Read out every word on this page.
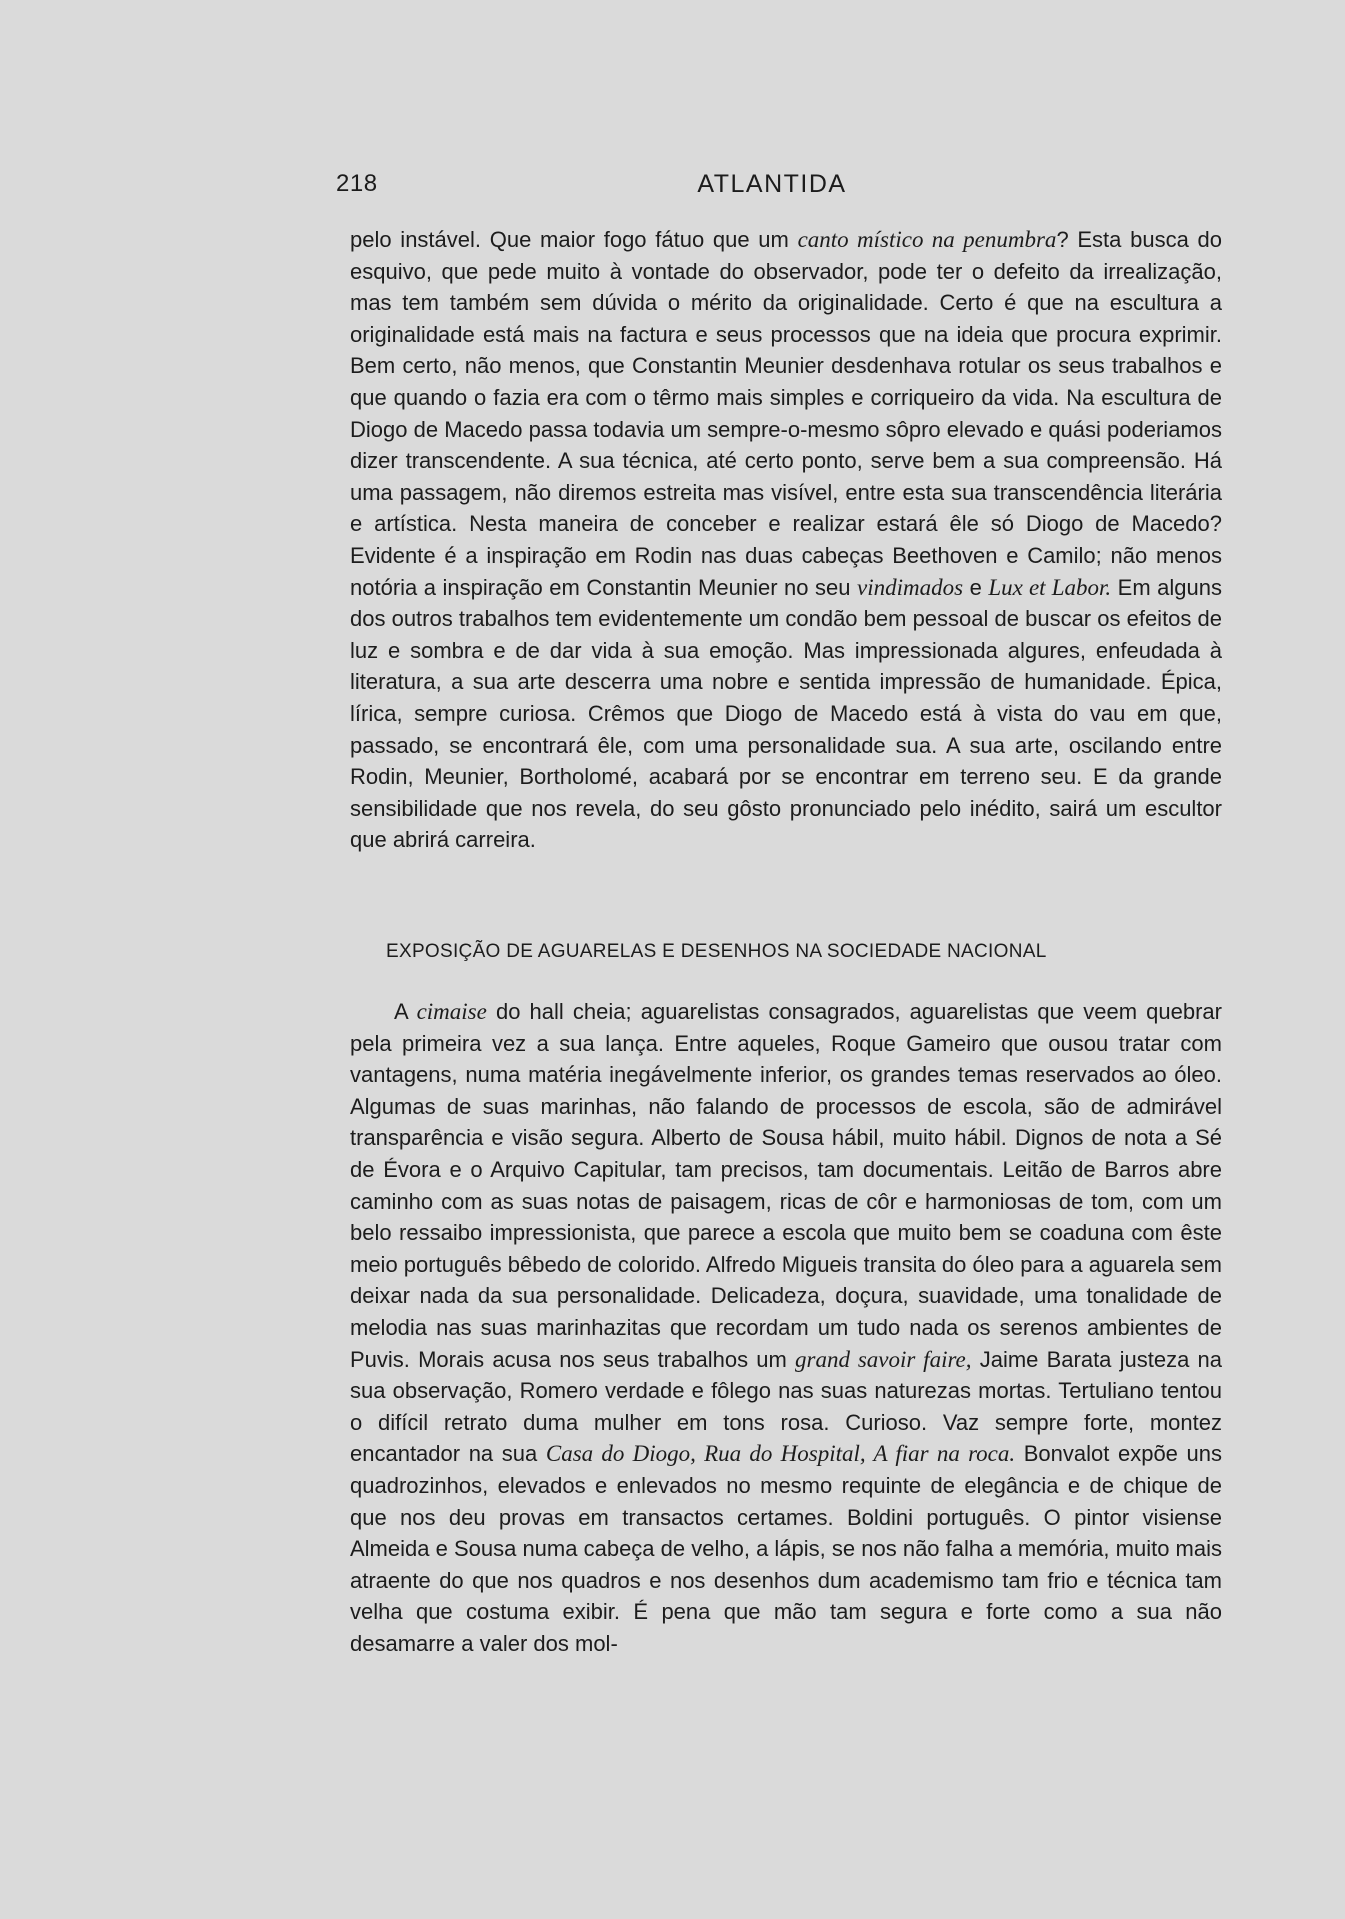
218	ATLANTIDA

pelo instável. Que maior fogo fátuo que um canto místico na penumbra? Esta busca do esquivo, que pede muito à vontade do observador, pode ter o defeito da irrealização, mas tem também sem dúvida o mérito da originalidade. Certo é que na escultura a originalidade está mais na factura e seus processos que na ideia que procura exprimir. Bem certo, não menos, que Constantin Meunier desdenhava rotular os seus trabalhos e que quando o fazia era com o têrmo mais simples e corriqueiro da vida. Na escultura de Diogo de Macedo passa todavia um sempre-o-mesmo sôpro elevado e quási poderiamos dizer transcendente. A sua técnica, até certo ponto, serve bem a sua compreensão. Há uma passagem, não diremos estreita mas visível, entre esta sua transcendência literária e artística. Nesta maneira de conceber e realizar estará êle só Diogo de Macedo? Evidente é a inspiração em Rodin nas duas cabeças Beethoven e Camilo; não menos notória a inspiração em Constantin Meunier no seu vindimados e Lux et Labor. Em alguns dos outros trabalhos tem evidentemente um condão bem pessoal de buscar os efeitos de luz e sombra e de dar vida à sua emoção. Mas impressionada algures, enfeudada à literatura, a sua arte descerra uma nobre e sentida impressão de humanidade. Épica, lírica, sempre curiosa. Crêmos que Diogo de Macedo está à vista do vau em que, passado, se encontrará êle, com uma personalidade sua. A sua arte, oscilando entre Rodin, Meunier, Bortholomé, acabará por se encontrar em terreno seu. E da grande sensibilidade que nos revela, do seu gôsto pronunciado pelo inédito, sairá um escultor que abrirá carreira.

EXPOSIÇÃO DE AGUARELAS E DESENHOS NA SOCIEDADE NACIONAL

A cimaise do hall cheia; aguarelistas consagrados, aguarelistas que veem quebrar pela primeira vez a sua lança. Entre aqueles, Roque Gameiro que ousou tratar com vantagens, numa matéria inegávelmente inferior, os grandes temas reservados ao óleo. Algumas de suas marinhas, não falando de processos de escola, são de admirável transparência e visão segura. Alberto de Sousa hábil, muito hábil. Dignos de nota a Sé de Évora e o Arquivo Capitular, tam precisos, tam documentais. Leitão de Barros abre caminho com as suas notas de paisagem, ricas de côr e harmoniosas de tom, com um belo ressaibo impressionista, que parece a escola que muito bem se coaduna com êste meio português bêbedo de colorido. Alfredo Migueis transita do óleo para a aguarela sem deixar nada da sua personalidade. Delicadeza, doçura, suavidade, uma tonalidade de melodia nas suas marinhazitas que recordam um tudo nada os serenos ambientes de Puvis. Morais acusa nos seus trabalhos um grand savoir faire, Jaime Barata justeza na sua observação, Romero verdade e fôlego nas suas naturezas mortas. Tertuliano tentou o difícil retrato duma mulher em tons rosa. Curioso. Vaz sempre forte, montez encantador na sua Casa do Diogo, Rua do Hospital, A fiar na roca. Bonvalot expõe uns quadrozinhos, elevados e enlevados no mesmo requinte de elegância e de chique de que nos deu provas em transactos certames. Boldini português. O pintor visiense Almeida e Sousa numa cabeça de velho, a lápis, se nos não falha a memória, muito mais atraente do que nos quadros e nos desenhos dum academismo tam frio e técnica tam velha que costuma exibir. É pena que mão tam segura e forte como a sua não desamarre a valer dos mol-
